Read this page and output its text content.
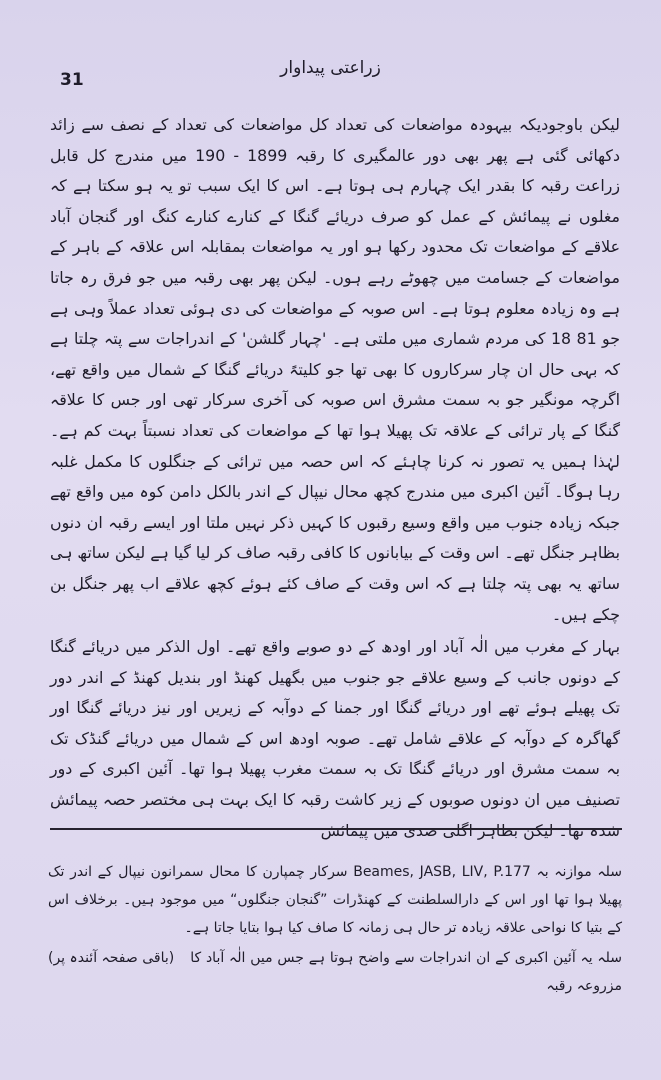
31
زراعتی پیداوار

لیکن باوجودیکہ بیہودہ مواضعات کی تعداد کل مواضعات کی تعداد کے نصف سے زائد دکھائی گئی ہے پھر بھی دور عالمگیری کا رقبہ 1899 - 190 میں مندرج کل قابل زراعت رقبہ کا بقدر ایک چہارم ہی ہوتا ہے۔ اس کا ایک سبب تو یہ ہو سکتا ہے کہ مغلوں نے پیمائش کے عمل کو صرف دریائے گنگا کے کنارے کنارے کنگ اور گنجان آباد علاقے کے مواضعات تک محدود رکھا ہو اور یہ مواضعات بمقابلہ اس علاقہ کے باہر کے مواضعات کے جسامت میں چھوٹے رہے ہوں۔ لیکن پھر بھی رقبہ میں جو فرق رہ جاتا ہے وہ زیادہ معلوم ہوتا ہے۔ اس صوبہ کے مواضعات کی دی ہوئی تعداد عملاً وہی ہے جو 81 18 کی مردم شماری میں ملتی ہے۔ 'چہار گلشن' کے اندراجات سے پتہ چلتا ہے کہ بہی حال ان چار سرکاروں کا بھی تھا جو کلیتہً دریائے گنگا کے شمال میں واقع تھے، اگرچہ مونگیر جو بہ سمت مشرق اس صوبہ کی آخری سرکار تھی اور جس کا علاقہ گنگا کے پار ترائی کے علاقہ تک پھیلا ہوا تھا کے مواضعات کی تعداد نسبتاً بہت کم ہے۔ لہٰذا ہمیں یہ تصور نہ کرنا چاہئے کہ اس حصہ میں ترائی کے جنگلوں کا مکمل غلبہ رہا ہوگا۔ آئین اکبری میں مندرج کچھ محال نیپال کے اندر بالکل دامن کوہ میں واقع تھے جبکہ زیادہ جنوب میں واقع وسیع رقبوں کا کہیں ذکر نہیں ملتا اور ایسے رقبہ ان دنوں بظاہر جنگل تھے۔ اس وقت کے بیابانوں کا کافی رقبہ صاف کر لیا گیا ہے لیکن ساتھ ہی ساتھ یہ بھی پتہ چلتا ہے کہ اس وقت کے صاف کئے ہوئے کچھ علاقے اب پھر جنگل بن چکے ہیں۔

بہار کے مغرب میں الٰہ آباد اور اودھ کے دو صوبے واقع تھے۔ اول الذکر میں دریائے گنگا کے دونوں جانب کے وسیع علاقے جو جنوب میں بگھیل کھنڈ اور بندیل کھنڈ کے اندر دور تک پھیلے ہوئے تھے اور دریائے گنگا اور جمنا کے دوآبہ کے زیریں اور نیز دریائے گنگا اور گھاگرہ کے دوآبہ کے علاقے شامل تھے۔ صوبہ اودھ اس کے شمال میں دریائے گنڈک تک بہ سمت مشرق اور دریائے گنگا تک بہ سمت مغرب پھیلا ہوا تھا۔ آئین اکبری کے دور تصنیف میں ان دونوں صوبوں کے زیر کاشت رقبہ کا ایک بہت ہی مختصر حصہ پیمائش شدہ تھا۔ لیکن بظاہر اگلی صدی میں پیمائش

سلہ موازنہ بہ Beames, JASB, LIV, P.177 سرکار چمپارن کا محال سمرانون نیپال کے اندر تک پھیلا ہوا تھا اور اس کے دارالسلطنت کے کھنڈرات ”گنجان جنگلوں“ میں موجود ہیں۔ برخلاف اس کے بتیا کا نواحی علاقہ زیادہ تر حال ہی زمانہ کا صاف کیا ہوا بتایا جاتا ہے۔

(باقی صفحہ آئندہ پر) سلہ یہ آئین اکبری کے ان اندراجات سے واضح ہوتا ہے جس میں الٰہ آباد کا مزروعہ رقبہ
